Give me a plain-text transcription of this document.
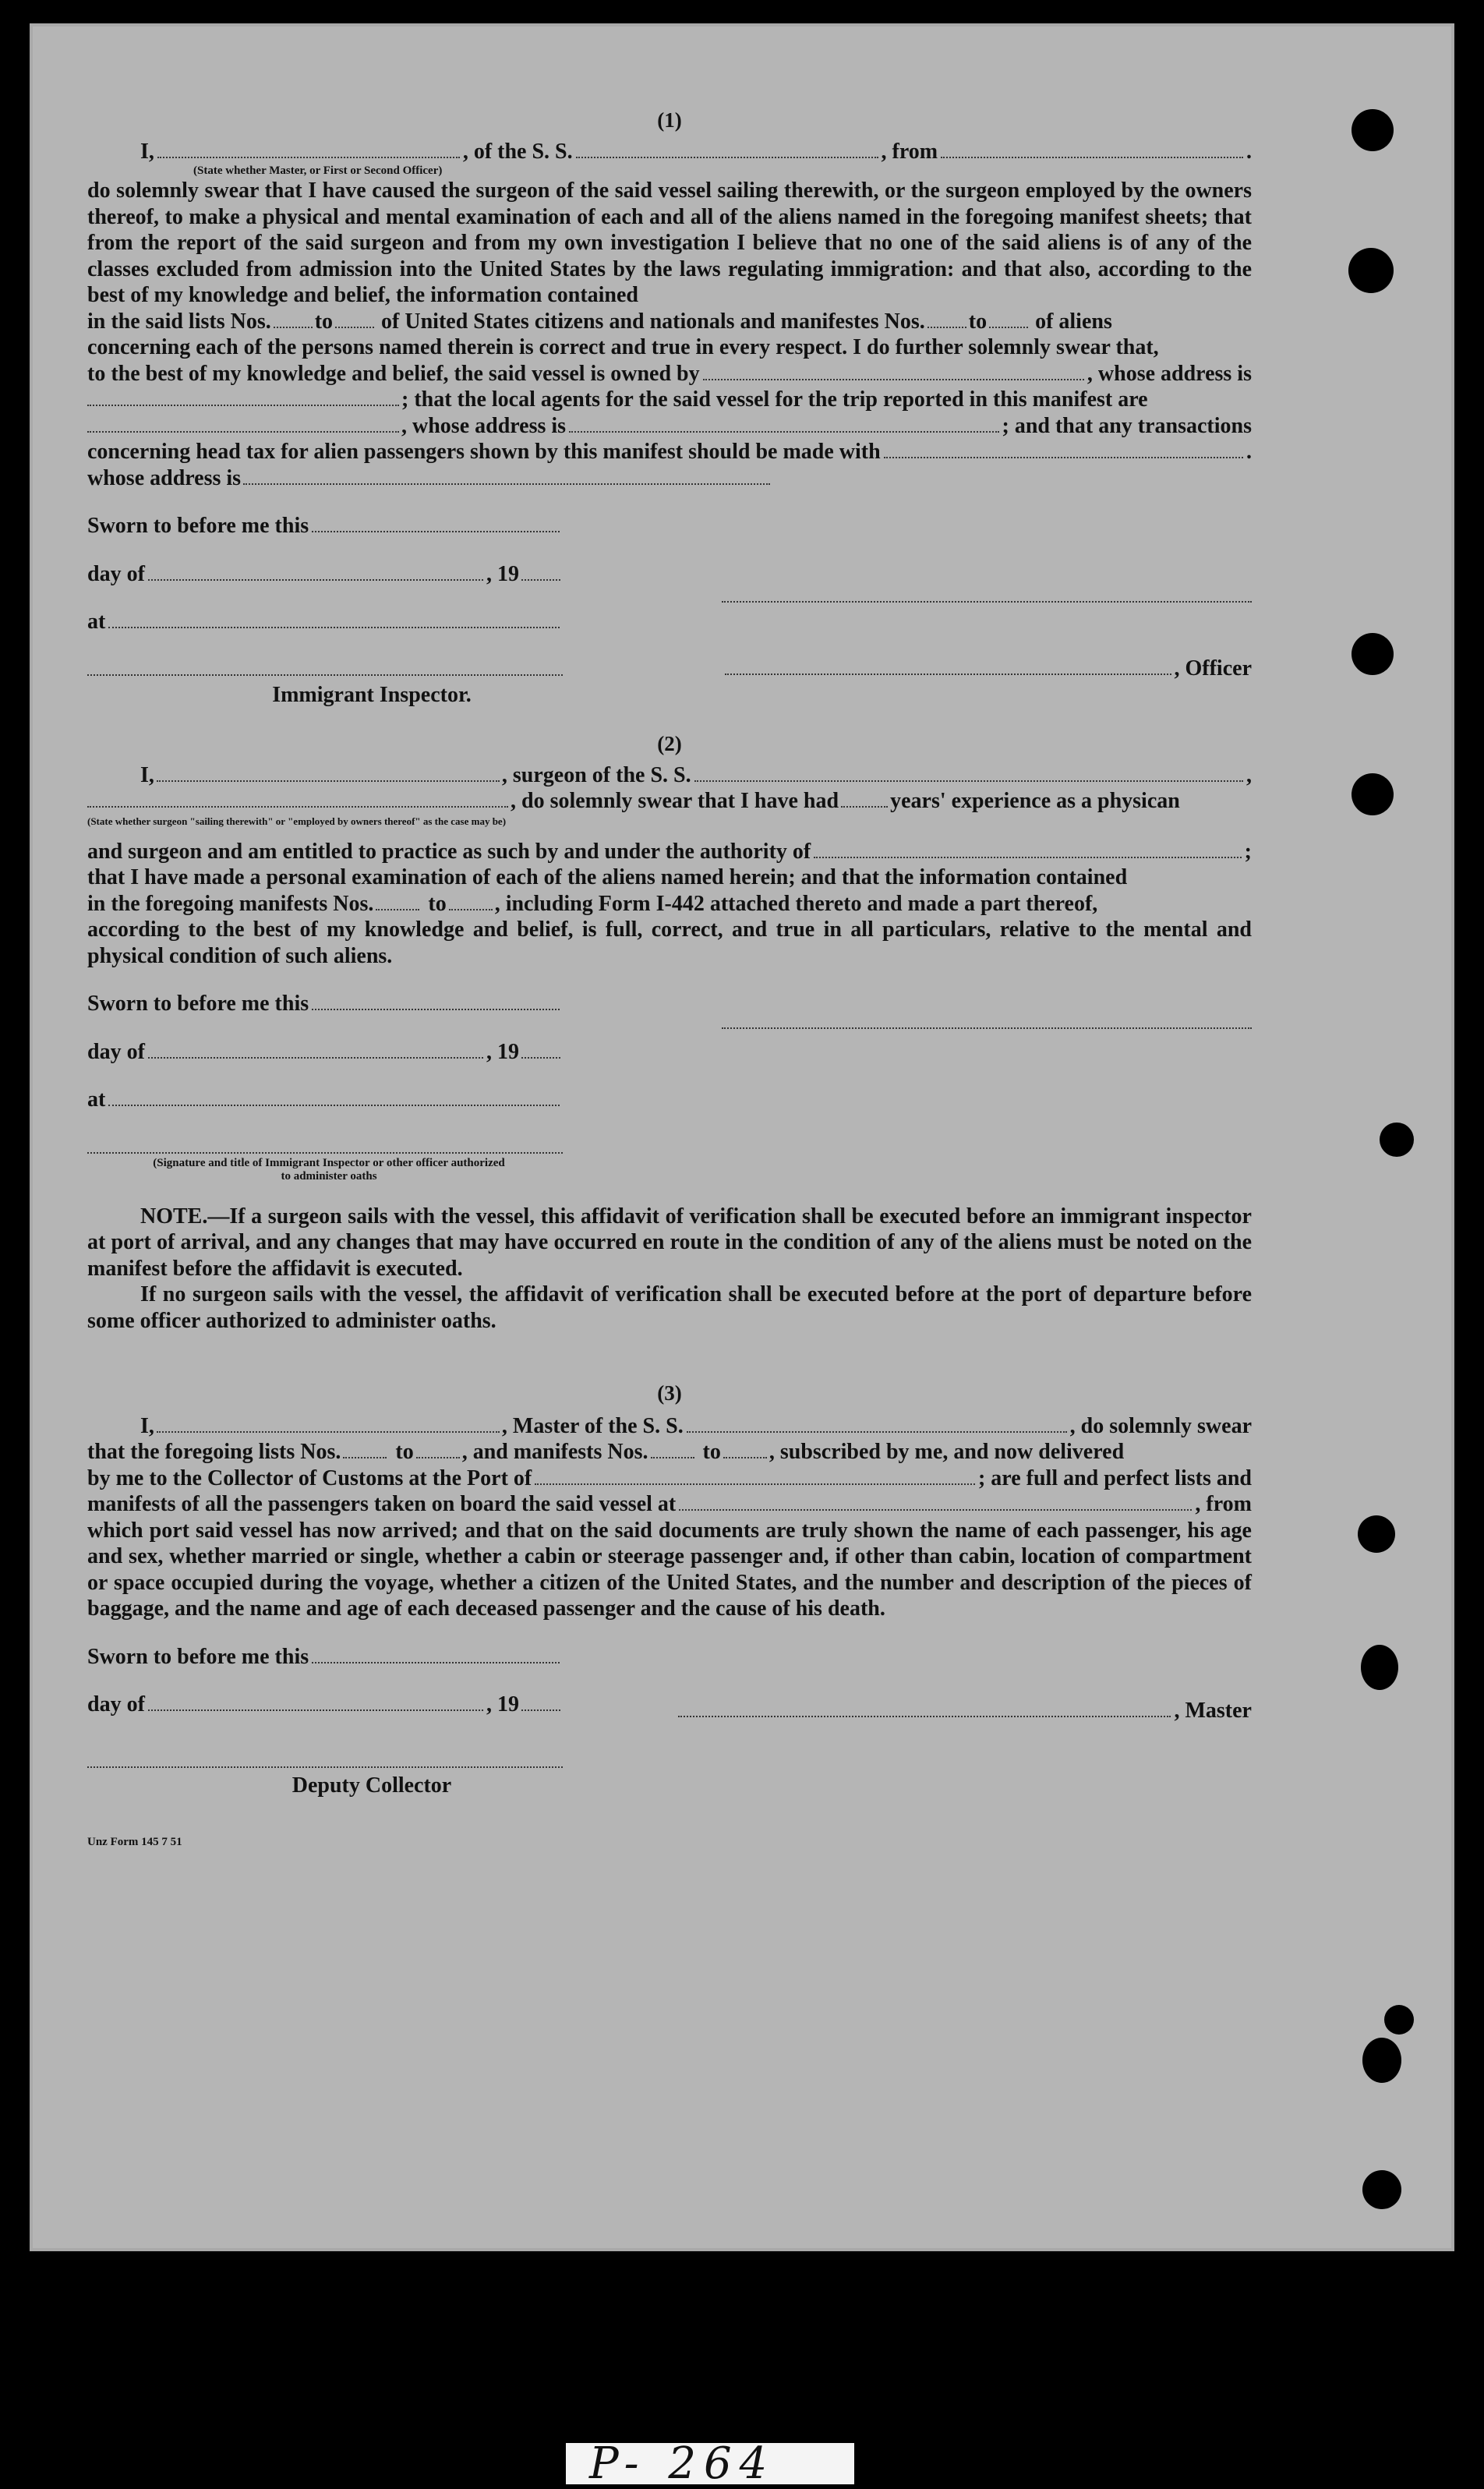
(1)
I,	, of the S. S.	, from	.
(State whether Master, or First or Second Officer)

do solemnly swear that I have caused the surgeon of the said vessel sailing therewith, or the surgeon employed by the owners thereof, to make a physical and mental examination of each and all of the aliens named in the foregoing manifest sheets; that from the report of the said surgeon and from my own investigation I believe that no one of the said aliens is of any of the classes excluded from admission into the United States by the laws regulating immigration: and that also, according to the best of my knowledge and belief, the information contained

in the said lists Nos. to of United States citizens and nationals and manifestes Nos. to of aliens

concerning each of the persons named therein is correct and true in every respect. I do further solemnly swear that,

to the best of my knowledge and belief, the said vessel is owned by	, whose address is
; that the local agents for the said vessel for the trip reported in this manifest are
, whose address is	; and that any transactions
concerning head tax for alien passengers shown by this manifest should be made with	.
whose address is
Sworn to before me this
day of	, 19
at
Immigrant Inspector.
, Officer
(2)
I,	, surgeon of the S. S.	,
, do solemnly swear that I have had years' experience as a physican
(State whether surgeon "sailing therewith" or "employed by owners thereof" as the case may be)
and surgeon and am entitled to practice as such by and under the authority of	;

that I have made a personal examination of each of the aliens named herein; and that the information contained

in the foregoing manifests Nos.	to , including Form I-442 attached thereto and made a part thereof,

according to the best of my knowledge and belief, is full, correct, and true in all particulars, relative to the mental and physical condition of such aliens.

Sworn to before me this
day of	, 19
at
(Signature and title of Immigrant Inspector or other officer authorized to administer oaths

NOTE.—If a surgeon sails with the vessel, this affidavit of verification shall be executed before an immigrant inspector at port of arrival, and any changes that may have occurred en route in the condition of any of the aliens must be noted on the manifest before the affidavit is executed.

If no surgeon sails with the vessel, the affidavit of verification shall be executed before at the port of departure before some officer authorized to administer oaths.

(3)
I,	, Master of the S. S.	, do solemnly swear
that the foregoing lists Nos.	to , and manifests Nos.	to , subscribed by me, and now delivered
by me to the Collector of Customs at the Port of	; are full and perfect lists and
manifests of all the passengers taken on board the said vessel at	, from

which port said vessel has now arrived; and that on the said documents are truly shown the name of each passenger, his age and sex, whether married or single, whether a cabin or steerage passenger and, if other than cabin, location of compartment or space occupied during the voyage, whether a citizen of the United States, and the number and description of the pieces of baggage, and the name and age of each deceased passenger and the cause of his death.

Sworn to before me this
day of	, 19
Deputy Collector
, Master
Unz Form 145 7 51
P- 264
